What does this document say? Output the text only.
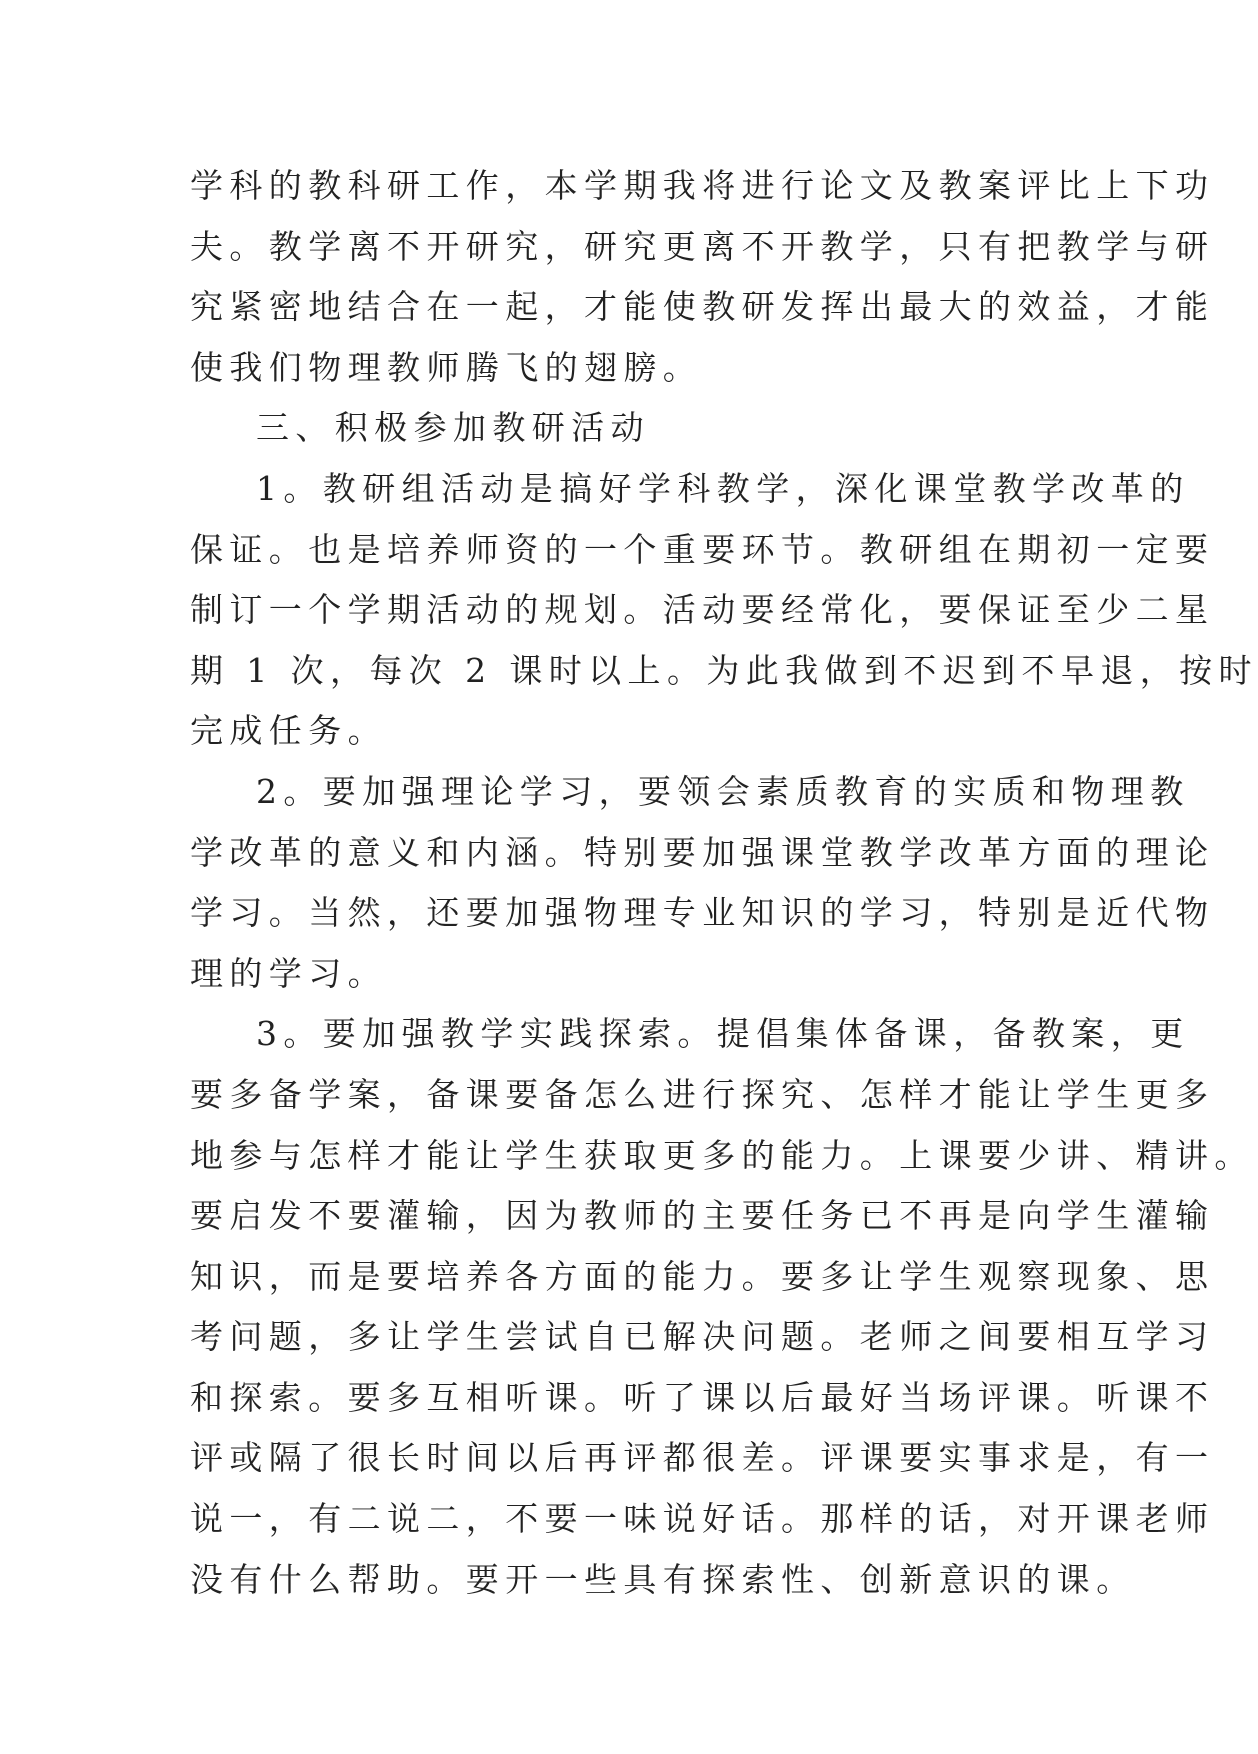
学科的教科研工作，本学期我将进行论文及教案评比上下功
夫。教学离不开研究，研究更离不开教学，只有把教学与研
究紧密地结合在一起，才能使教研发挥出最大的效益，才能
使我们物理教师腾飞的翅膀。
三、积极参加教研活动
1。教研组活动是搞好学科教学，深化课堂教学改革的
保证。也是培养师资的一个重要环节。教研组在期初一定要
制订一个学期活动的规划。活动要经常化，要保证至少二星
期 1 次，每次 2 课时以上。为此我做到不迟到不早退，按时
完成任务。
2。要加强理论学习，要领会素质教育的实质和物理教
学改革的意义和内涵。特别要加强课堂教学改革方面的理论
学习。当然，还要加强物理专业知识的学习，特别是近代物
理的学习。
3。要加强教学实践探索。提倡集体备课，备教案，更
要多备学案，备课要备怎么进行探究、怎样才能让学生更多
地参与怎样才能让学生获取更多的能力。上课要少讲、精讲。
要启发不要灌输，因为教师的主要任务已不再是向学生灌输
知识，而是要培养各方面的能力。要多让学生观察现象、思
考问题，多让学生尝试自已解决问题。老师之间要相互学习
和探索。要多互相听课。听了课以后最好当场评课。听课不
评或隔了很长时间以后再评都很差。评课要实事求是，有一
说一，有二说二，不要一味说好话。那样的话，对开课老师
没有什么帮助。要开一些具有探索性、创新意识的课。
